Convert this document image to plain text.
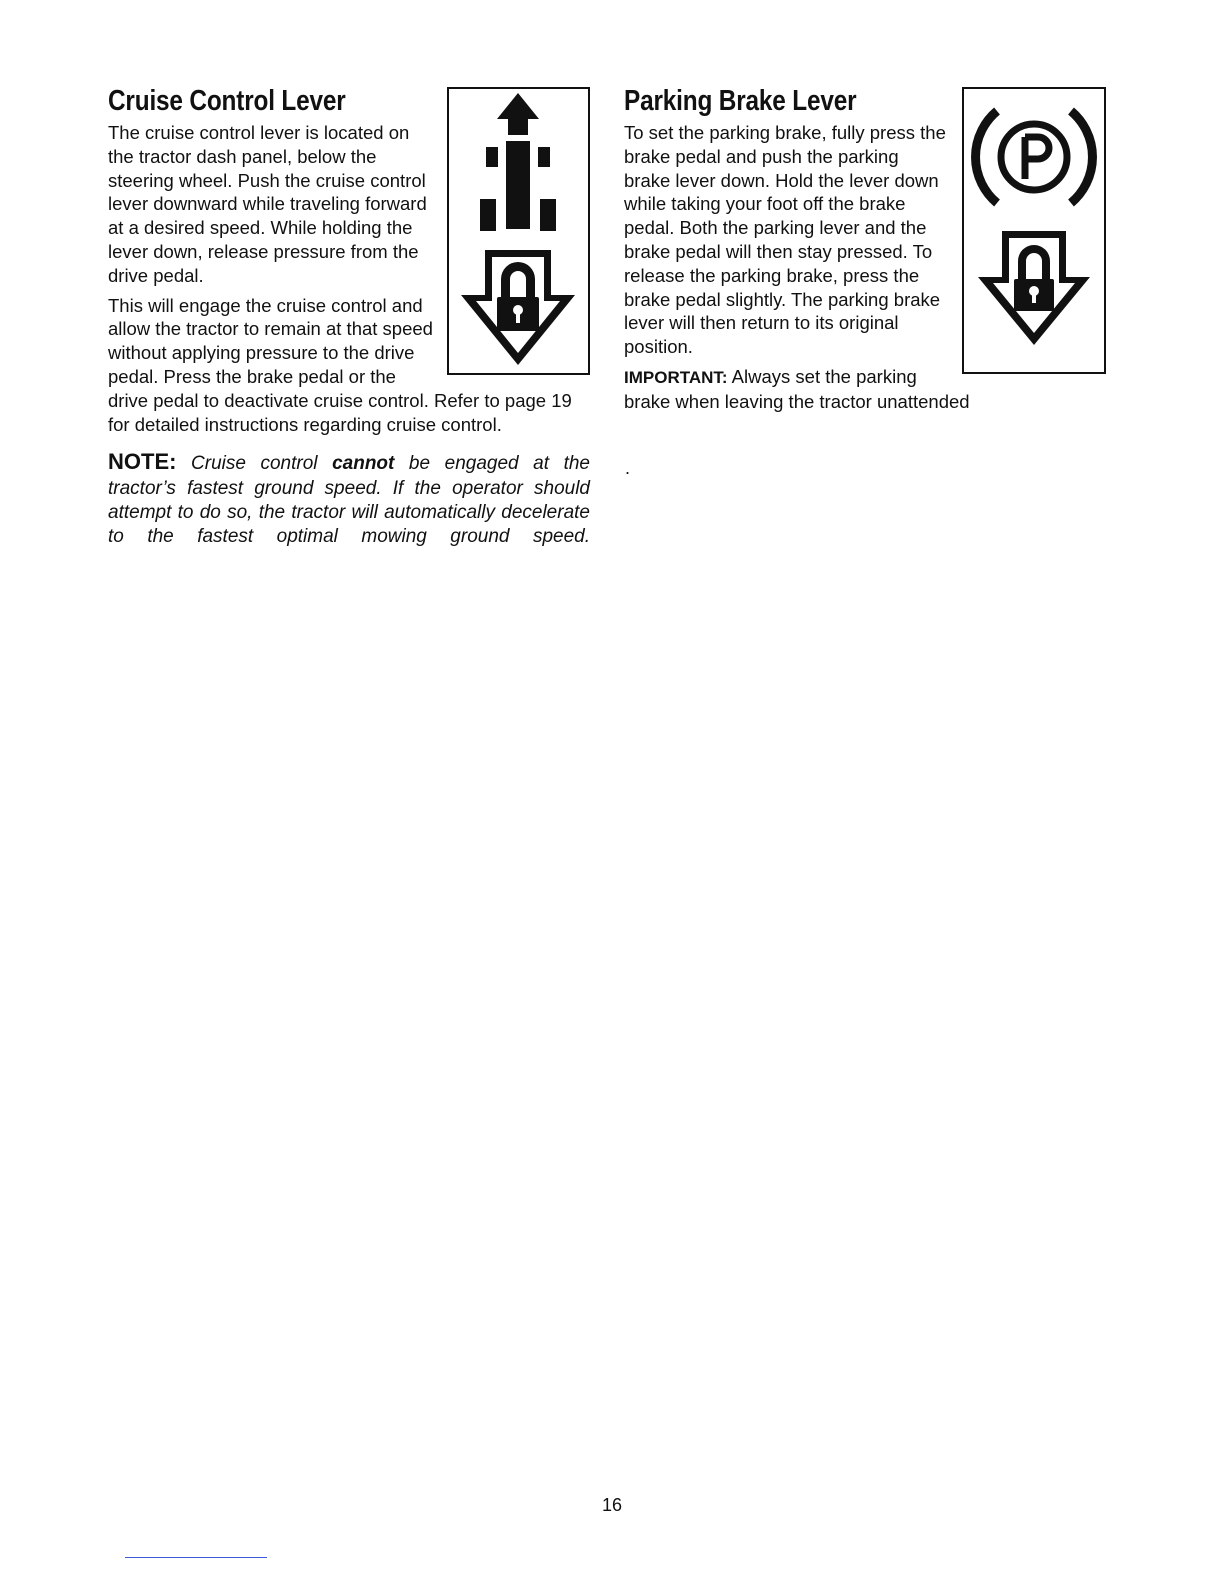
Cruise Control Lever

The cruise control lever is located on the tractor dash panel, below the steering wheel. Push the cruise control lever downward while traveling forward at a desired speed. While holding the lever down, release pressure from the drive pedal.

This will engage the cruise control and allow the tractor to remain at that speed without applying pressure to the drive pedal. Press the brake pedal or the drive pedal to deactivate cruise control. Refer to page 19 for detailed instructions regarding cruise control.

NOTE: Cruise control cannot be engaged at the tractor’s fastest ground speed. If the operator should attempt to do so, the tractor will automatically decelerate to the fastest optimal mowing ground speed.

Parking Brake Lever

To set the parking brake, fully press the brake pedal and push the parking brake lever down. Hold the lever down while taking your foot off the brake pedal. Both the parking lever and the brake pedal will then stay pressed. To release the parking brake, press the brake pedal slightly. The parking brake lever will then return to its original position.

IMPORTANT: Always set the parking brake when leaving the tractor unattended

.
16
